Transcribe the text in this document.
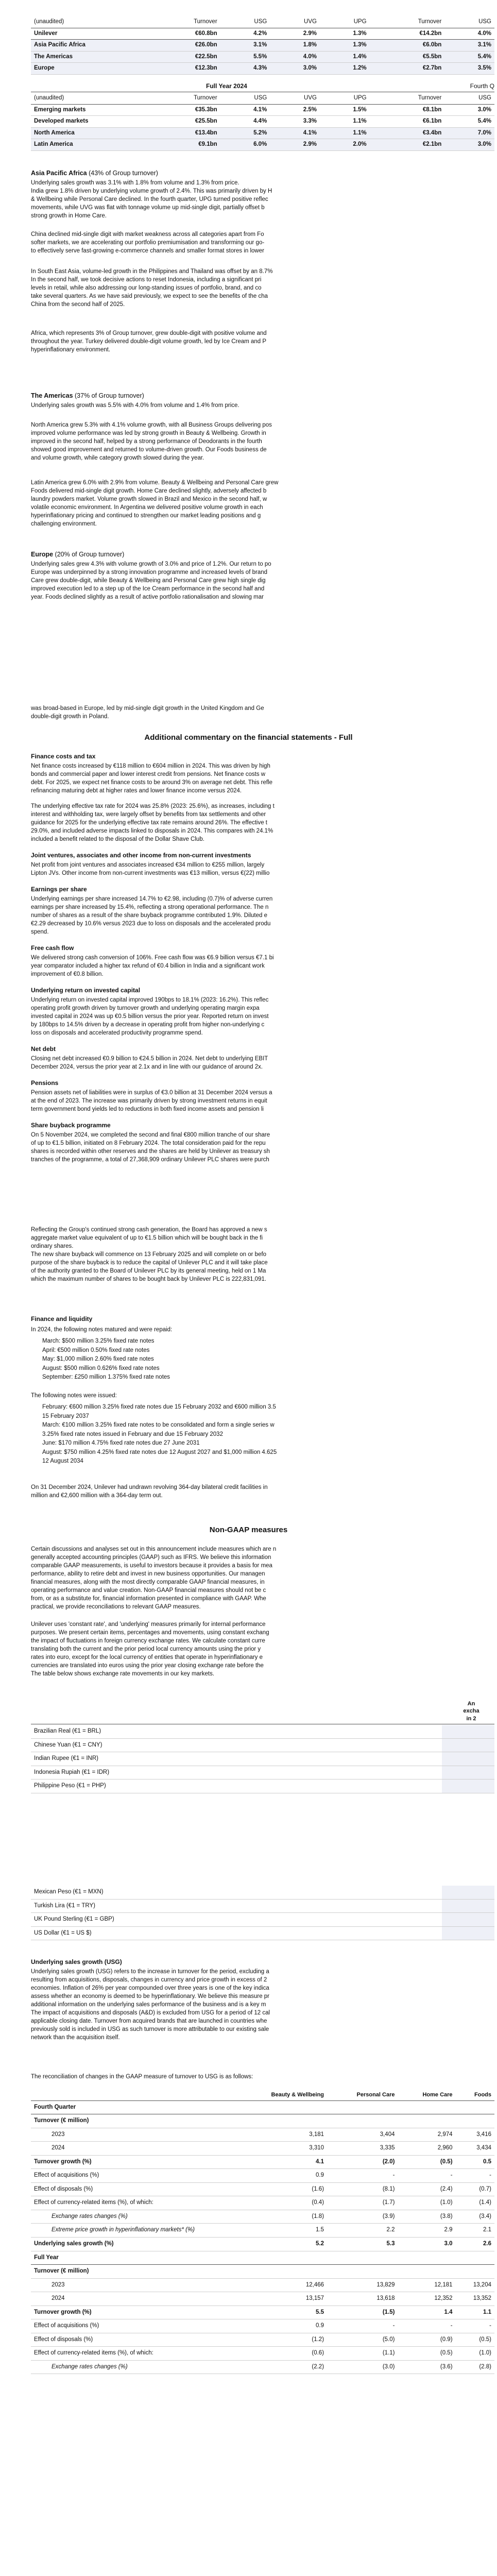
(unaudited)	Turnover	USG	UVG	UPG	Turnover	USG
Unilever	€60.8bn	4.2%	2.9%	1.3%	€14.2bn	4.0%
Asia Pacific Africa	€26.0bn	3.1%	1.8%	1.3%	€6.0bn	3.1%
The Americas	€22.5bn	5.5%	4.0%	1.4%	€5.5bn	5.4%
Europe	€12.3bn	4.3%	3.0%	1.2%	€2.7bn	3.5%
Full Year 2024	Fourth Q
(unaudited)	Turnover	USG	UVG	UPG	Turnover	USG
Emerging markets	€35.3bn	4.1%	2.5%	1.5%	€8.1bn	3.0%
Developed markets	€25.5bn	4.4%	3.3%	1.1%	€6.1bn	5.4%
North America	€13.4bn	5.2%	4.1%	1.1%	€3.4bn	7.0%
Latin America	€9.1bn	6.0%	2.9%	2.0%	€2.1bn	3.0%

Asia Pacific Africa (43% of Group turnover)

Underlying sales growth was 3.1% with 1.8% from volume and 1.3% from price.

India grew 1.8% driven by underlying volume growth of 2.4%. This was primarily driven by H

& Wellbeing while Personal Care declined. In the fourth quarter, UPG turned positive reflec

movements, while UVG was flat with tonnage volume up mid-single digit, partially offset b

strong growth in Home Care.

China declined mid-single digit with market weakness across all categories apart from Fo

softer markets, we are accelerating our portfolio premiumisation and transforming our go-

to effectively serve fast-growing e-commerce channels and smaller format stores in lower

In South East Asia, volume-led growth in the Philippines and Thailand was offset by an 8.7%

In the second half, we took decisive actions to reset Indonesia, including a significant pri

levels in retail, while also addressing our long-standing issues of portfolio, brand, and co

take several quarters. As we have said previously, we expect to see the benefits of the cha

China from the second half of 2025.

Africa, which represents 3% of Group turnover, grew double-digit with positive volume and

throughout the year. Turkey delivered double-digit volume growth, led by Ice Cream and P

hyperinflationary environment.

The Americas (37% of Group turnover)

Underlying sales growth was 5.5% with 4.0% from volume and 1.4% from price.

North America grew 5.3% with 4.1% volume growth, with all Business Groups delivering pos

improved volume performance was led by strong growth in Beauty & Wellbeing. Growth in

improved in the second half, helped by a strong performance of Deodorants in the fourth

showed good improvement and returned to volume-driven growth. Our Foods business de

and volume growth, while category growth slowed during the year.

Latin America grew 6.0% with 2.9% from volume. Beauty & Wellbeing and Personal Care grew

Foods delivered mid-single digit growth. Home Care declined slightly, adversely affected b

laundry powders market. Volume growth slowed in Brazil and Mexico in the second half, w

volatile economic environment. In Argentina we delivered positive volume growth in each

hyperinflationary pricing and continued to strengthen our market leading positions and g

challenging environment.

Europe (20% of Group turnover)

Underlying sales grew 4.3% with volume growth of 3.0% and price of 1.2%. Our return to po

Europe was underpinned by a strong innovation programme and increased levels of brand

Care grew double-digit, while Beauty & Wellbeing and Personal Care grew high single dig

improved execution led to a step up of the Ice Cream performance in the second half and

year. Foods declined slightly as a result of active portfolio rationalisation and slowing mar

was broad-based in Europe, led by mid-single digit growth in the United Kingdom and Ge

double-digit growth in Poland.

Additional commentary on the financial statements - Full

Finance costs and tax

Net finance costs increased by €118 million to €604 million in 2024. This was driven by high

bonds and commercial paper and lower interest credit from pensions. Net finance costs w

debt. For 2025, we expect net finance costs to be around 3% on average net debt. This refle

refinancing maturing debt at higher rates and lower finance income versus 2024.

The underlying effective tax rate for 2024 was 25.8% (2023: 25.6%), as increases, including t

interest and withholding tax, were largely offset by benefits from tax settlements and other

guidance for 2025 for the underlying effective tax rate remains around 26%. The effective t

29.0%, and included adverse impacts linked to disposals in 2024. This compares with 24.1%

included a benefit related to the disposal of the Dollar Shave Club.

Joint ventures, associates and other income from non-current investments

Net profit from joint ventures and associates increased €34 million to €255 million, largely

Lipton JVs. Other income from non-current investments was €13 million, versus €(22) millio

Earnings per share

Underlying earnings per share increased 14.7% to €2.98, including (0.7)% of adverse curren

earnings per share increased by 15.4%, reflecting a strong operational performance. The n

number of shares as a result of the share buyback programme contributed 1.9%. Diluted e

€2.29 decreased by 10.6% versus 2023 due to loss on disposals and the accelerated produ

spend.

Free cash flow

We delivered strong cash conversion of 106%. Free cash flow was €6.9 billion versus €7.1 bi

year comparator included a higher tax refund of €0.4 billion in India and a significant work

improvement of €0.8 billion.

Underlying return on invested capital

Underlying return on invested capital improved 190bps to 18.1% (2023: 16.2%). This reflec

operating profit growth driven by turnover growth and underlying operating margin expa

invested capital in 2024 was up €0.5 billion versus the prior year. Reported return on invest

by 180bps to 14.5% driven by a decrease in operating profit from higher non-underlying c

loss on disposals and accelerated productivity programme spend.

Net debt

Closing net debt increased €0.9 billion to €24.5 billion in 2024. Net debt to underlying EBIT

December 2024, versus the prior year at 2.1x and in line with our guidance of around 2x.

Pensions

Pension assets net of liabilities were in surplus of €3.0 billion at 31 December 2024 versus a

at the end of 2023. The increase was primarily driven by strong investment returns in equit

term government bond yields led to reductions in both fixed income assets and pension li

Share buyback programme

On 5 November 2024, we completed the second and final €800 million tranche of our share

of up to €1.5 billion, initiated on 8 February 2024. The total consideration paid for the repu

shares is recorded within other reserves and the shares are held by Unilever as treasury sh

tranches of the programme, a total of 27,368,909 ordinary Unilever PLC shares were purch

Reflecting the Group's continued strong cash generation, the Board has approved a new s

aggregate market value equivalent of up to €1.5 billion which will be bought back in the fi

ordinary shares.

The new share buyback will commence on 13 February 2025 and will complete on or befo

purpose of the share buyback is to reduce the capital of Unilever PLC and it will take place

of the authority granted to the Board of Unilever PLC by its general meeting, held on 1 Ma

which the maximum number of shares to be bought back by Unilever PLC is 222,831,091.

Finance and liquidity

In 2024, the following notes matured and were repaid:

• March: $500 million 3.25% fixed rate notes
• April: €500 million 0.50% fixed rate notes
• May: $1,000 million 2.60% fixed rate notes
• August: $500 million 0.626% fixed rate notes
• September: £250 million 1.375% fixed rate notes

The following notes were issued:

• February: €600 million 3.25% fixed rate notes due 15 February 2032 and €600 million 3.5
• 15 February 2037
• March: €100 million 3.25% fixed rate notes to be consolidated and form a single series w
• 3.25% fixed rate notes issued in February and due 15 February 2032
• June: $170 million 4.75% fixed rate notes due 27 June 2031
• August: $750 million 4.25% fixed rate notes due 12 August 2027 and $1,000 million 4.625
• 12 August 2034

On 31 December 2024, Unilever had undrawn revolving 364-day bilateral credit facilities in

million and €2,600 million with a 364-day term out.

Non-GAAP measures

Certain discussions and analyses set out in this announcement include measures which are n

generally accepted accounting principles (GAAP) such as IFRS. We believe this information

comparable GAAP measurements, is useful to investors because it provides a basis for mea

performance, ability to retire debt and invest in new business opportunities. Our managen

financial measures, along with the most directly comparable GAAP financial measures, in

operating performance and value creation. Non-GAAP financial measures should not be c

from, or as a substitute for, financial information presented in compliance with GAAP. Whe

practical, we provide reconciliations to relevant GAAP measures.

Unilever uses 'constant rate', and 'underlying' measures primarily for internal performance

purposes. We present certain items, percentages and movements, using constant exchang

the impact of fluctuations in foreign currency exchange rates. We calculate constant curre

translating both the current and the prior period local currency amounts using the prior y

rates into euro, except for the local currency of entities that operate in hyperinflationary e

currencies are translated into euros using the prior year closing exchange rate before the

The table below shows exchange rate movements in our key markets.

An
excha
in 2
Brazilian Real (€1 = BRL)	
Chinese Yuan (€1 = CNY)	
Indian Rupee (€1 = INR)	
Indonesia Rupiah (€1 = IDR)	
Philippine Peso (€1 = PHP)	
Mexican Peso (€1 = MXN)	
Turkish Lira (€1 = TRY)	
UK Pound Sterling (€1 = GBP)	
US Dollar (€1 = US $)	

Underlying sales growth (USG)

Underlying sales growth (USG) refers to the increase in turnover for the period, excluding a

resulting from acquisitions, disposals, changes in currency and price growth in excess of 2

economies. Inflation of 26% per year compounded over three years is one of the key indica

assess whether an economy is deemed to be hyperinflationary. We believe this measure pr

additional information on the underlying sales performance of the business and is a key m

The impact of acquisitions and disposals (A&D) is excluded from USG for a period of 12 cal

applicable closing date. Turnover from acquired brands that are launched in countries whe

previously sold is included in USG as such turnover is more attributable to our existing sale

network than the acquisition itself.

The reconciliation of changes in the GAAP measure of turnover to USG is as follows:

	Beauty & Wellbeing	Personal Care	Home Care	Foods
Fourth Quarter				
Turnover (€ million)				
2023	3,181	3,404	2,974	3,416
2024	3,310	3,335	2,960	3,434
Turnover growth (%)	4.1	(2.0)	(0.5)	0.5
Effect of acquisitions (%)	0.9	-	-	-
Effect of disposals (%)	(1.6)	(8.1)	(2.4)	(0.7)
Effect of currency-related items (%), of which:	(0.4)	(1.7)	(1.0)	(1.4)
Exchange rates changes (%)	(1.8)	(3.9)	(3.8)	(3.4)
Extreme price growth in hyperinflationary markets* (%)	1.5	2.2	2.9	2.1
Underlying sales growth (%)	5.2	5.3	3.0	2.6
Full Year				
Turnover (€ million)				
2023	12,466	13,829	12,181	13,204
2024	13,157	13,618	12,352	13,352
Turnover growth (%)	5.5	(1.5)	1.4	1.1
Effect of acquisitions (%)	0.9	-	-	-
Effect of disposals (%)	(1.2)	(5.0)	(0.9)	(0.5)
Effect of currency-related items (%), of which:	(0.6)	(1.1)	(0.5)	(1.0)
Exchange rates changes (%)	(2.2)	(3.0)	(3.6)	(2.8)
